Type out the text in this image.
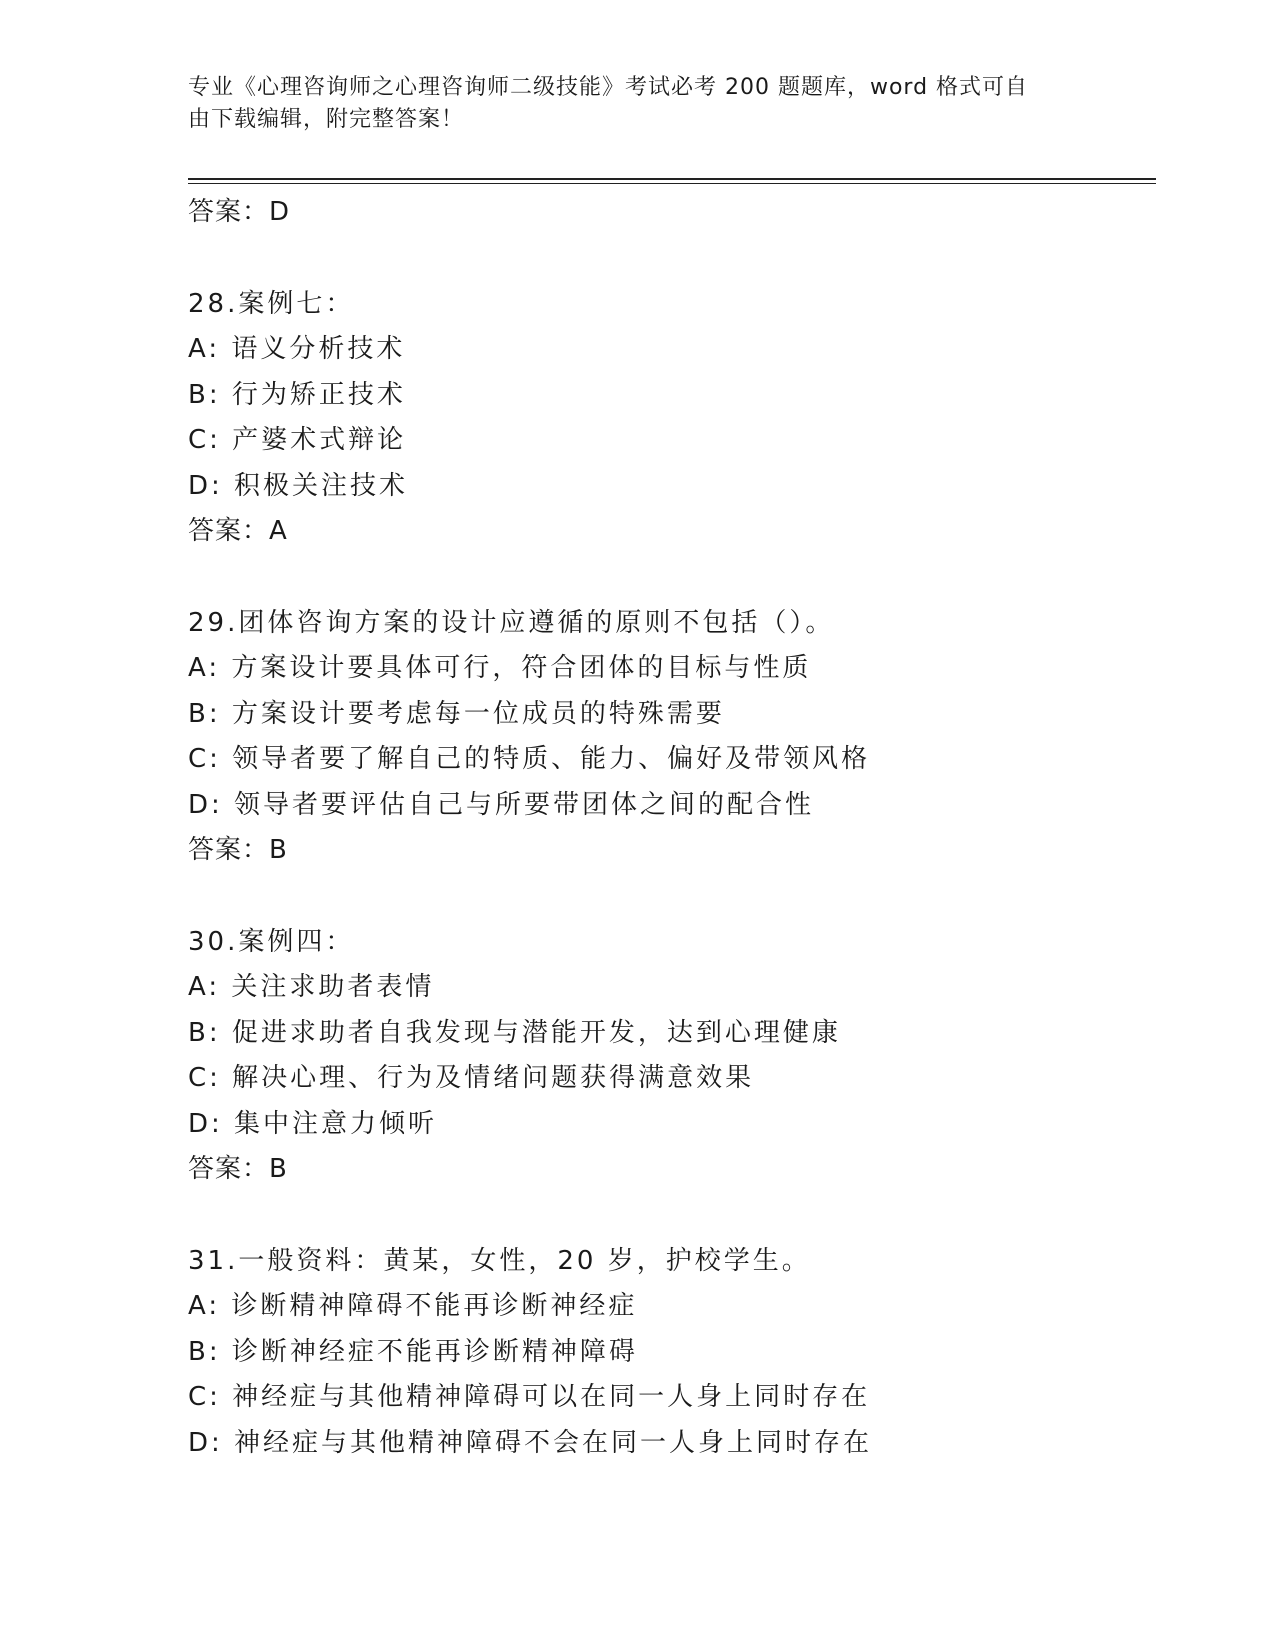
专业《心理咨询师之心理咨询师二级技能》考试必考 200 题题库，word 格式可自
由下载编辑，附完整答案！
答案：D
28.案例七：
A: 语义分析技术
B: 行为矫正技术
C: 产婆术式辩论
D: 积极关注技术
答案：A
29.团体咨询方案的设计应遵循的原则不包括（）。
A: 方案设计要具体可行，符合团体的目标与性质
B: 方案设计要考虑每一位成员的特殊需要
C: 领导者要了解自己的特质、能力、偏好及带领风格
D: 领导者要评估自己与所要带团体之间的配合性
答案：B
30.案例四：
A: 关注求助者表情
B: 促进求助者自我发现与潜能开发，达到心理健康
C: 解决心理、行为及情绪问题获得满意效果
D: 集中注意力倾听
答案：B
31.一般资料：黄某，女性，20 岁，护校学生。
A: 诊断精神障碍不能再诊断神经症
B: 诊断神经症不能再诊断精神障碍
C: 神经症与其他精神障碍可以在同一人身上同时存在
D: 神经症与其他精神障碍不会在同一人身上同时存在
